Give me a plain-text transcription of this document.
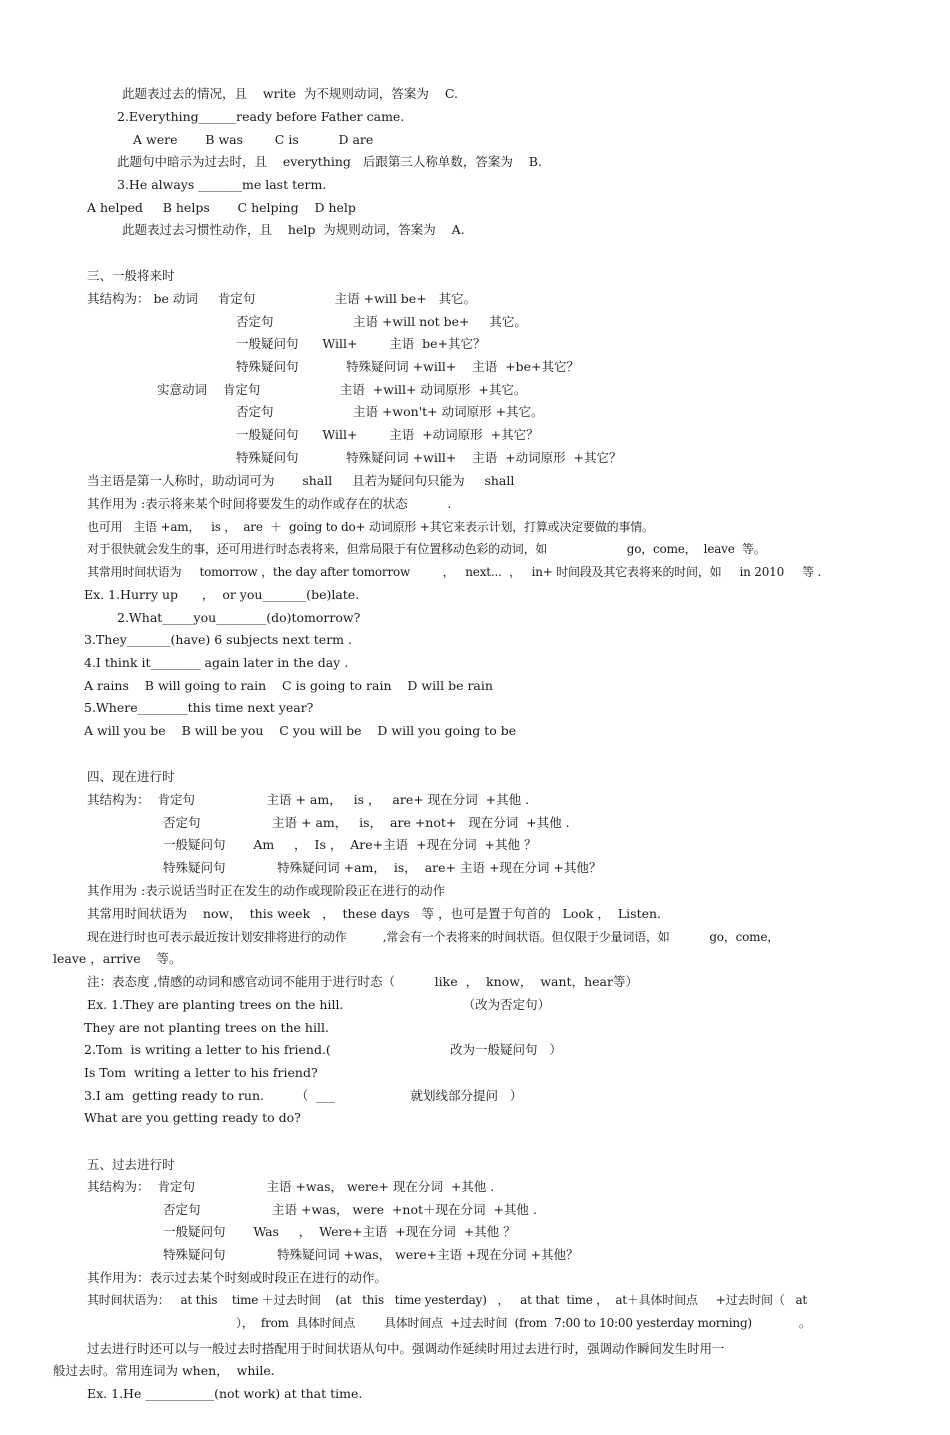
此题表过去的情况，且    write  为不规则动词，答案为    C.
2.Everything______ready before Father came.
A were       B was        C is          D are
此题句中暗示为过去时，且    everything   后跟第三人称单数，答案为    B.
3.He always _______me last term.
A helped     B helps       C helping    D help
此题表过去习惯性动作，且    help  为规则动词，答案为    A.
三、一般将来时
其结构为： be 动词     肯定句                    主语 +will be+   其它。
否定句                    主语 +will not be+     其它。
一般疑问句      Will+        主语  be+其它？
特殊疑问句            特殊疑问词 +will+    主语  +be+其它？
实意动词    肯定句                    主语  +will+ 动词原形  +其它。
否定句                    主语 +won't+ 动词原形 +其它。
一般疑问句      Will+        主语  +动词原形  +其它？
特殊疑问句            特殊疑问词 +will+    主语  +动词原形  +其它？
当主语是第一人称时，助动词可为       shall     且若为疑问句只能为     shall
其作用为 :表示将来某个时间将要发生的动作或存在的状态          .
也可用   主语 +am，   is ，  are  ＋  going to do+ 动词原形 +其它来表示计划，打算或决定要做的事情。
对于很快就会发生的事，还可用进行时态表将来，但常局限于有位置移动色彩的动词，如                      go，come，  leave  等。
其常用时间状语为     tomorrow ，the day after tomorrow         ，   next...  ，   in+ 时间段及其它表将来的时间，如     in 2010     等 .
Ex. 1.Hurry up      ，  or you_______(be)late.
2.What_____you________(do)tomorrow?
3.They_______(have) 6 subjects next term .
4.I think it________ again later in the day .
A rains    B will going to rain    C is going to rain    D will be rain
5.Where________this time next year?
A will you be    B will be you    C you will be    D will you going to be
四、现在进行时
其结构为：  肯定句                  主语 + am，   is ，   are+ 现在分词  +其他 .
否定句                  主语 + am，   is，  are +not+   现在分词  +其他 .
一般疑问句       Am     ，  Is ，  Are+主语  +现在分词  +其他 ？
特殊疑问句             特殊疑问词 +am，  is，  are+ 主语 +现在分词 +其他？
其作用为 :表示说话当时正在发生的动作或现阶段正在进行的动作
其常用时间状语为    now，  this week   ，  these days   等 ，也可是置于句首的   Look ，  Listen.
现在进行时也可表示最近按计划安排将进行的动作          ,常会有一个表将来的时间状语。但仅限于少量词语，如           go，come，
leave ，arrive    等。
注：表态度 ,情感的动词和感官动词不能用于进行时态（          like  ，  know，  want，hear等）
Ex. 1.They are planting trees on the hill.                              （改为否定句）
They are not planting trees on the hill.
2.Tom  is writing a letter to his friend.(                              改为一般疑问句   ）
Is Tom  writing a letter to his friend?
3.I am  getting ready to run.        （  ___                   就划线部分提问   ）
What are you getting ready to do?
五、过去进行时
其结构为：  肯定句                  主语 +was， were+ 现在分词  +其他 .
否定句                  主语 +was， were  +not＋现在分词  +其他 .
一般疑问句       Was     ，  Were+主语  +现在分词  +其他 ？
特殊疑问句             特殊疑问词 +was， were+主语 +现在分词 +其他？
其作用为：表示过去某个时刻或时段正在进行的动作。
其时间状语为：   at this    time ＋过去时间    (at   this   time yesterday)   ，   at that  time ，  at＋具体时间点     +过去时间（   at
），  from  具体时间点        具体时间点  +过去时间  (from  7:00 to 10:00 yesterday morning)             。
过去进行时还可以与一般过去时搭配用于时间状语从句中。强调动作延续时用过去进行时，强调动作瞬间发生时用一
般过去时。常用连词为 when，  while.
Ex. 1.He ___________(not work) at that time.
